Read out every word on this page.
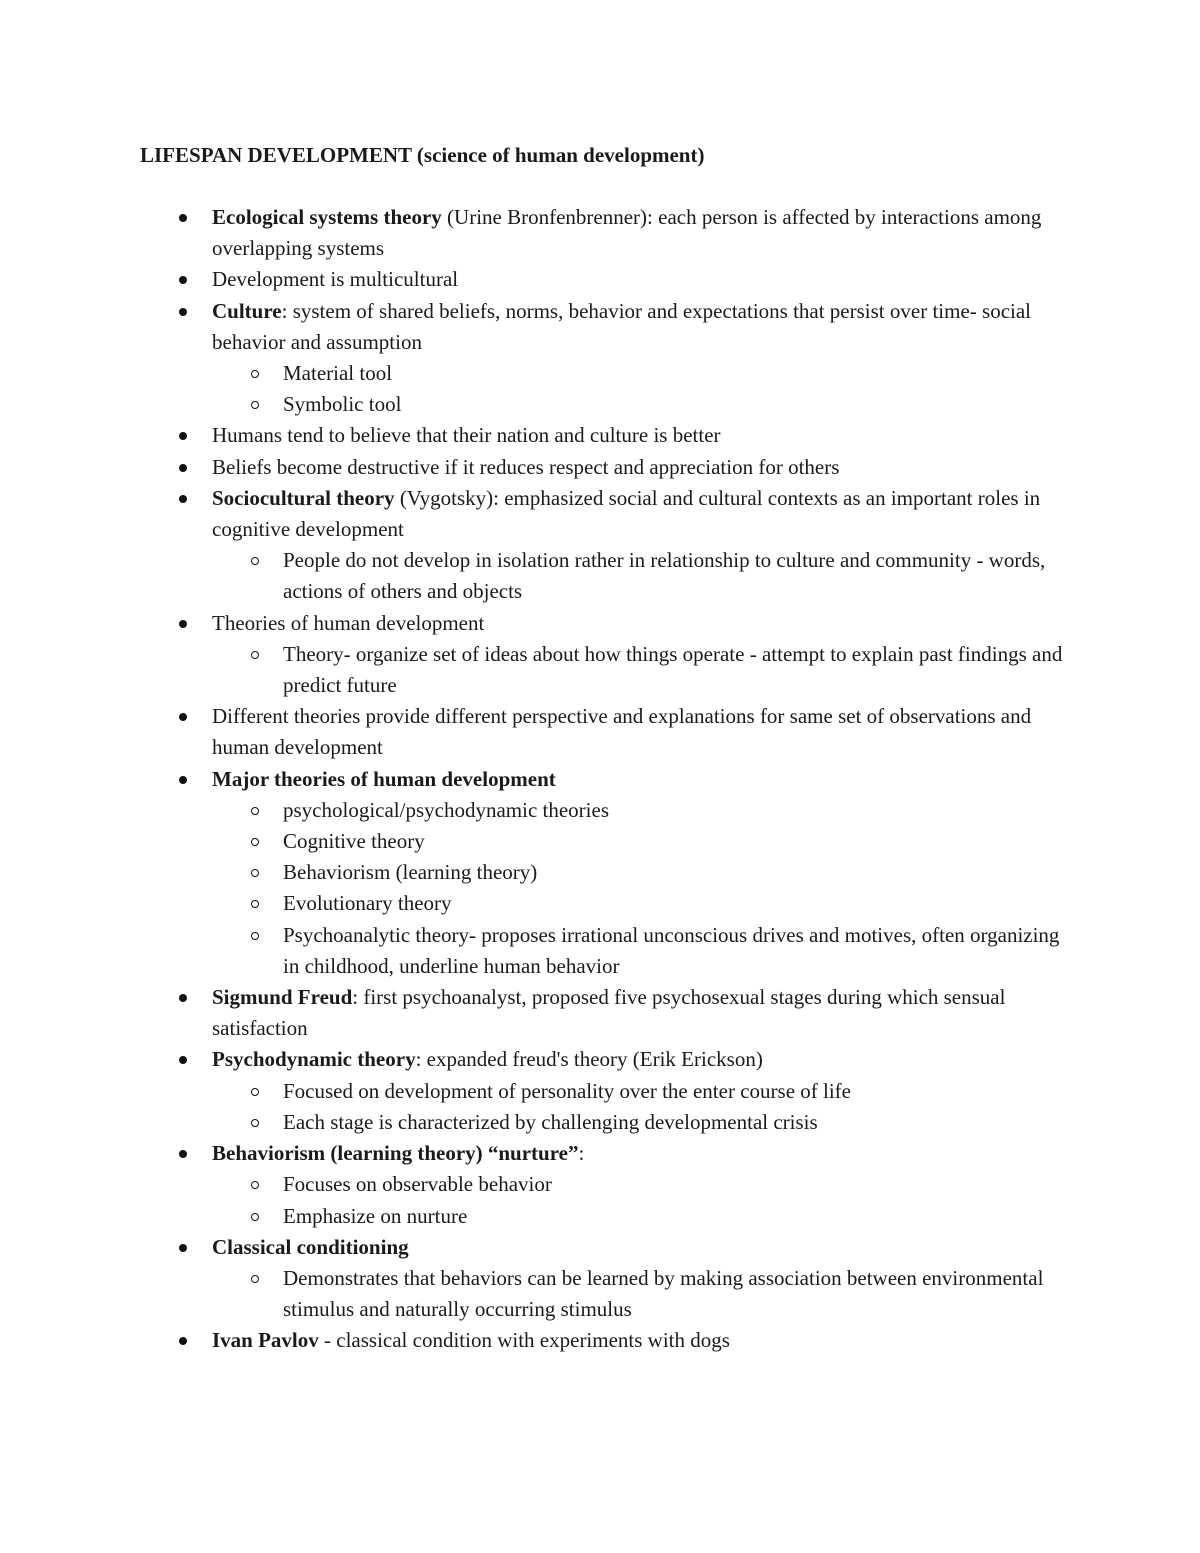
LIFESPAN DEVELOPMENT (science of human development)
Ecological systems theory (Urine Bronfenbrenner): each person is affected by interactions among overlapping systems
Development is multicultural
Culture: system of shared beliefs, norms, behavior and expectations that persist over time- social behavior and assumption
Material tool
Symbolic tool
Humans tend to believe that their nation and culture is better
Beliefs become destructive if it reduces respect and appreciation for others
Sociocultural theory (Vygotsky): emphasized social and cultural contexts as an important roles in cognitive development
People do not develop in isolation rather in relationship to culture and community - words, actions of others and objects
Theories of human development
Theory- organize set of ideas about how things operate - attempt to explain past findings and predict future
Different theories provide different perspective and explanations for same set of observations and human development
Major theories of human development
psychological/psychodynamic theories
Cognitive theory
Behaviorism (learning theory)
Evolutionary theory
Psychoanalytic theory- proposes irrational unconscious drives and motives, often organizing in childhood, underline human behavior
Sigmund Freud: first psychoanalyst, proposed five psychosexual stages during which sensual satisfaction
Psychodynamic theory: expanded freud's theory (Erik Erickson)
Focused on development of personality over the enter course of life
Each stage is characterized by challenging developmental crisis
Behaviorism (learning theory) “nurture”:
Focuses on observable behavior
Emphasize on nurture
Classical conditioning
Demonstrates that behaviors can be learned by making association between environmental stimulus and naturally occurring stimulus
Ivan Pavlov - classical condition with experiments with dogs
